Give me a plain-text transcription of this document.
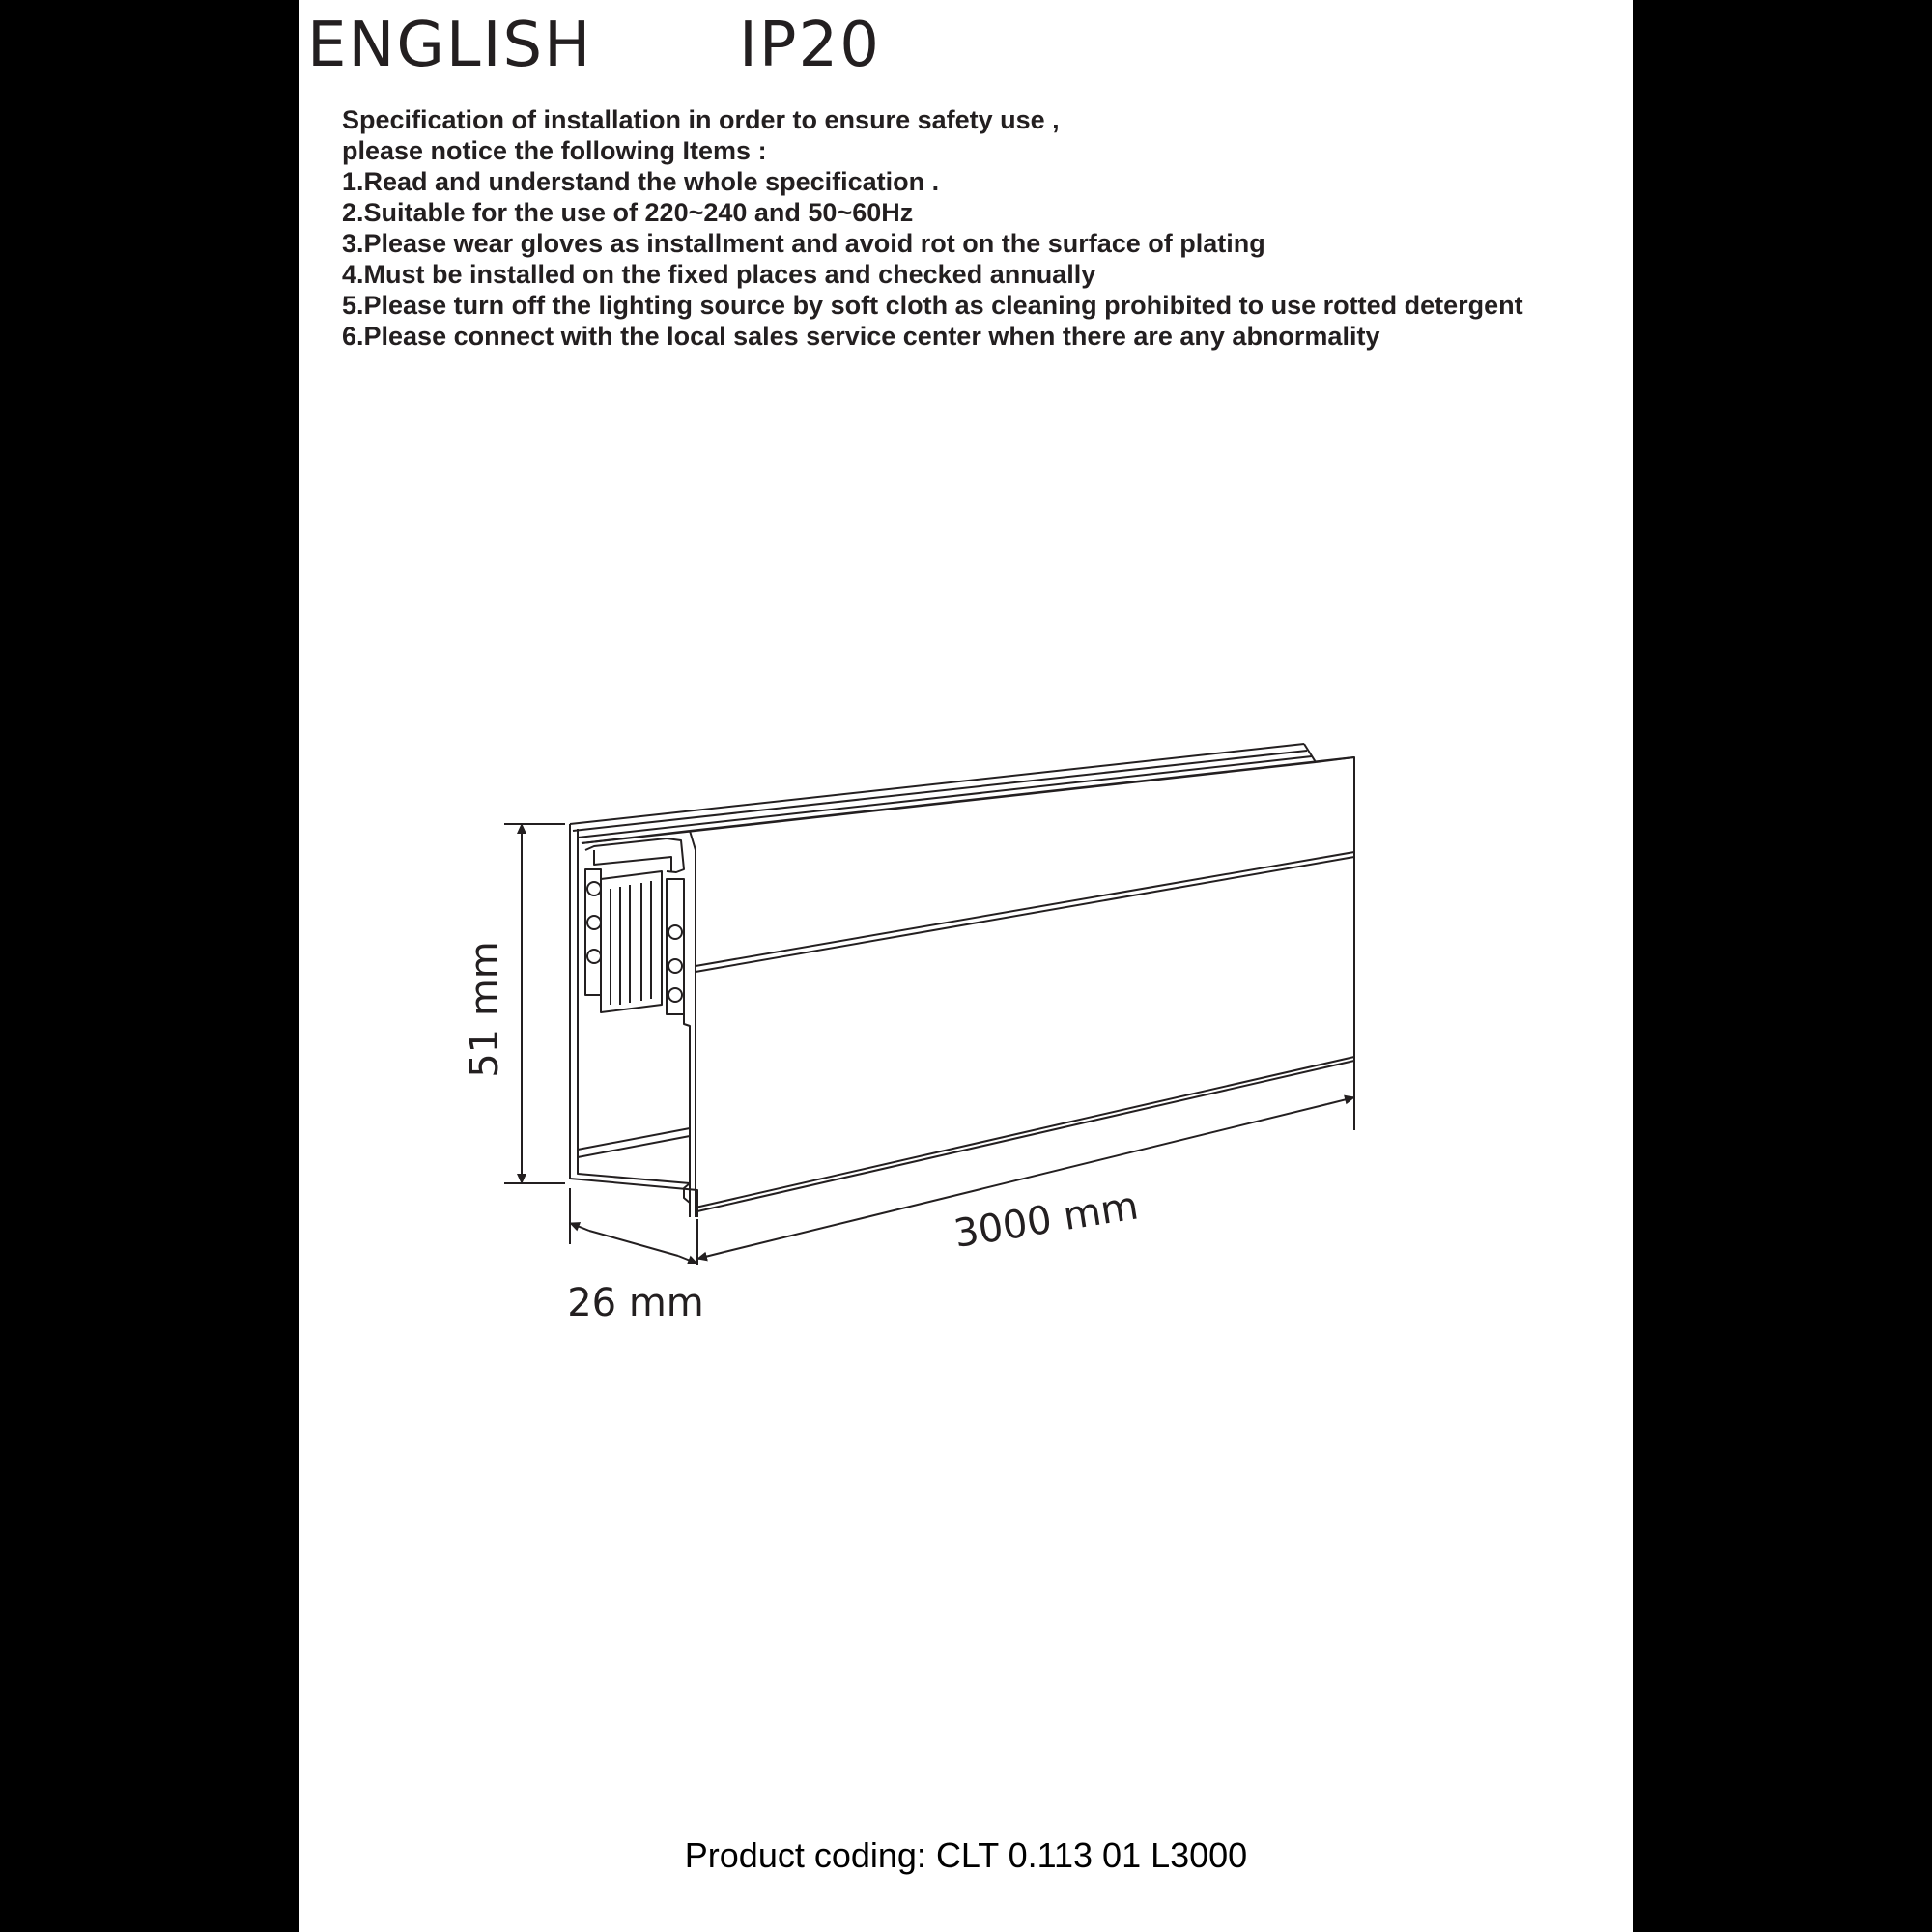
ENGLISH IP20

Specification of installation in order to ensure safety use ,

please notice the following Items :

1.Read and understand the whole specification .
2.Suitable for the use of 220~240 and 50~60Hz
3.Please wear gloves as installment and avoid rot on the surface of plating
4.Must be installed on the fixed places and checked annually
5.Please turn off the lighting source by soft cloth as cleaning prohibited to use rotted detergent
6.Please connect with the local sales service center when there are any abnormality
51 mm
26 mm
3000 mm
Product coding: CLT 0.113 01 L3000
